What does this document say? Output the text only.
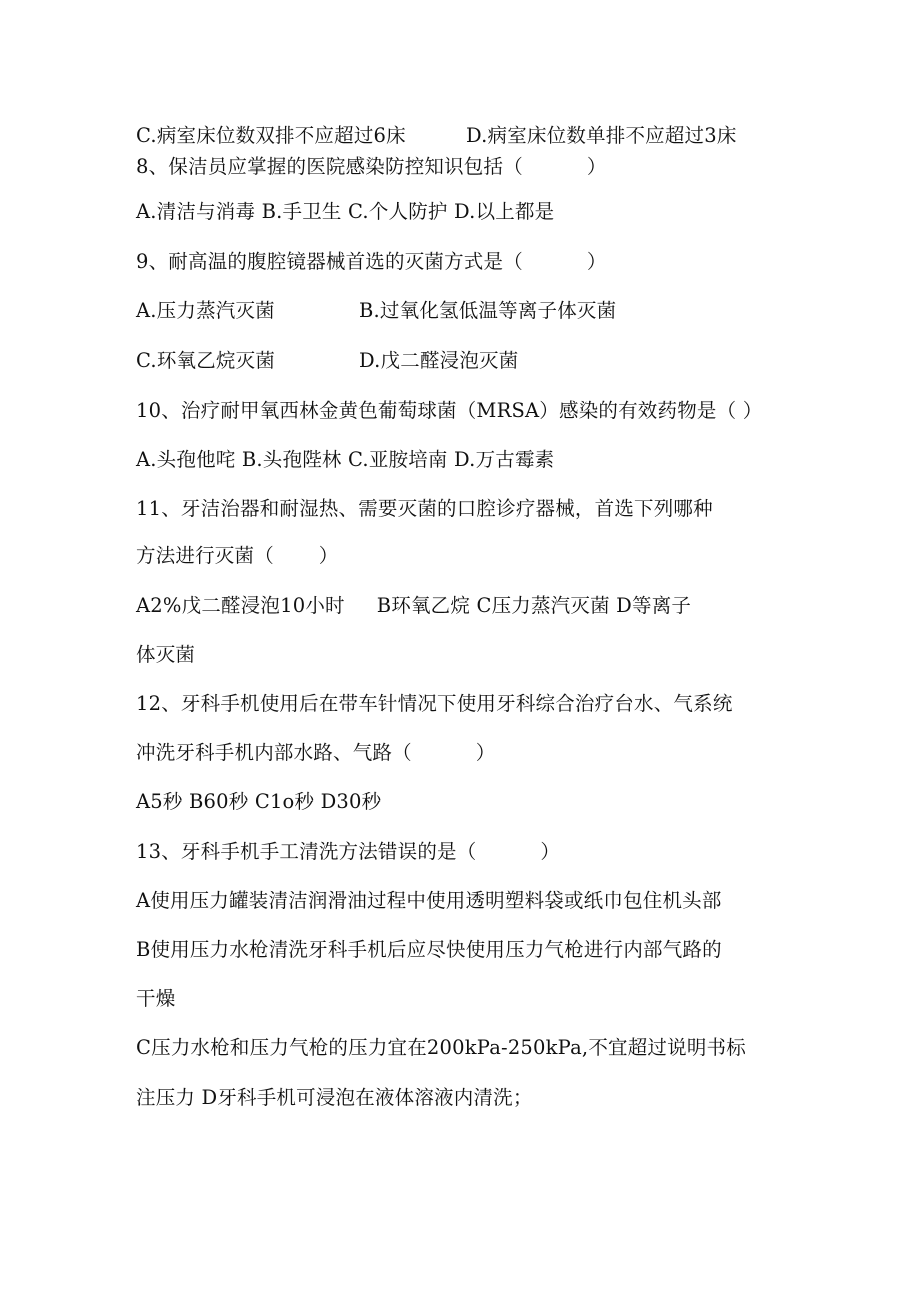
C.病室床位数双排不应超过6床	D.病室床位数单排不应超过3床
8、保洁员应掌握的医院感染防控知识包括（          ）
A.清洁与消毒 B.手卫生 C.个人防护 D.以上都是
9、耐高温的腹腔镜器械首选的灭菌方式是（          ）
A.压力蒸汽灭菌	B.过氧化氢低温等离子体灭菌
C.环氧乙烷灭菌	D.戊二醛浸泡灭菌
10、治疗耐甲氧西林金黄色葡萄球菌（MRSA）感染的有效药物是（ ）
A.头孢他咤 B.头孢陛林 C.亚胺培南 D.万古霉素
11、牙洁治器和耐湿热、需要灭菌的口腔诊疗器械，首选下列哪种
方法进行灭菌（       ）
A2%戊二醛浸泡10小时     B环氧乙烷 C压力蒸汽灭菌 D等离子
体灭菌
12、牙科手机使用后在带车针情况下使用牙科综合治疗台水、气系统
冲洗牙科手机内部水路、气路（          ）
A5秒 B60秒 C1o秒 D30秒
13、牙科手机手工清洗方法错误的是（          ）
A使用压力罐装清洁润滑油过程中使用透明塑料袋或纸巾包住机头部
B使用压力水枪清洗牙科手机后应尽快使用压力气枪进行内部气路的
干燥
C压力水枪和压力气枪的压力宜在200kPa-250kPa,不宜超过说明书标
注压力 D牙科手机可浸泡在液体溶液内清洗；
